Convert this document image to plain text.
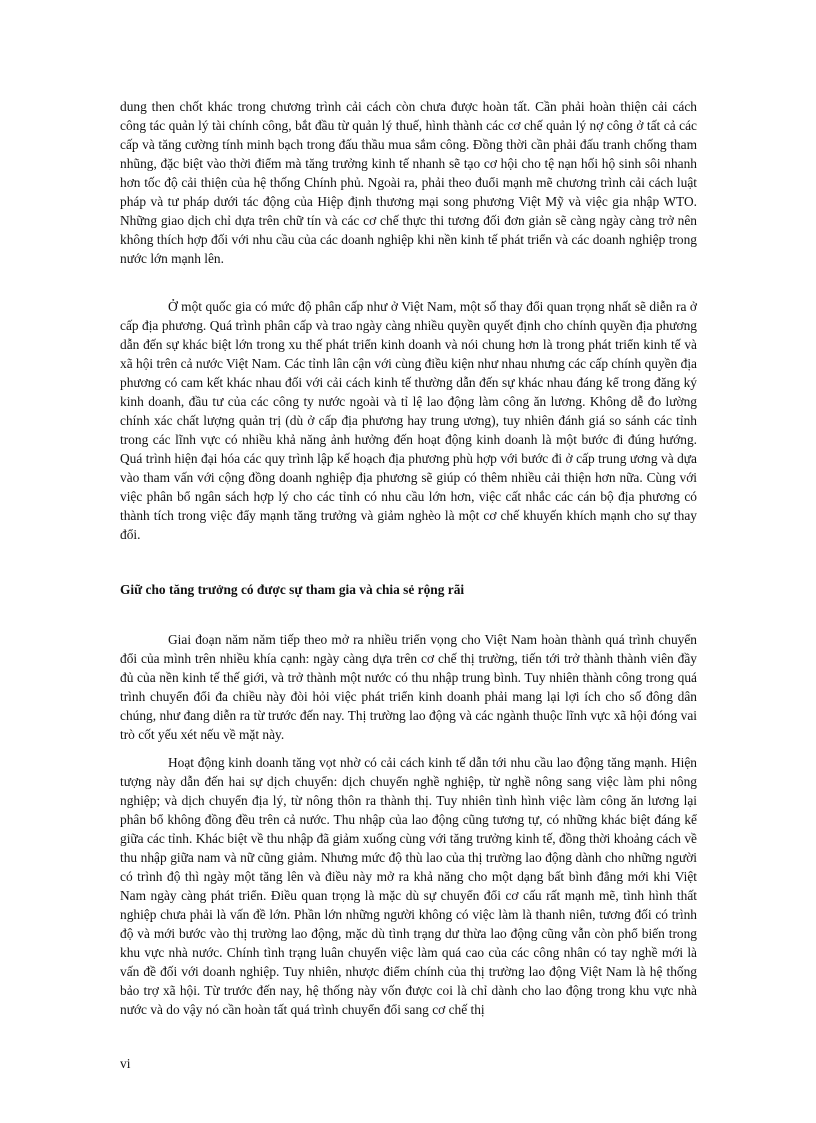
dung then chốt khác trong chương trình cải cách còn chưa được hoàn tất. Cần phải hoàn thiện cải cách công tác quản lý tài chính công, bắt đầu từ quản lý thuế, hình thành các cơ chế quản lý nợ công ở tất cả các cấp và tăng cường tính minh bạch trong đấu thầu mua sắm công. Đồng thời cần phải đấu tranh chống tham nhũng, đặc biệt vào thời điểm mà tăng trưởng kinh tế nhanh sẽ tạo cơ hội cho tệ nạn hối hộ sinh sôi nhanh hơn tốc độ cải thiện của hệ thống Chính phủ. Ngoài ra, phải theo đuổi mạnh mẽ chương trình cải cách luật pháp và tư pháp dưới tác động của Hiệp định thương mại song phương Việt Mỹ và việc gia nhập WTO. Những giao dịch chỉ dựa trên chữ tín và các cơ chế thực thi tương đối đơn giản sẽ càng ngày càng trở nên không thích hợp đối với nhu cầu của các doanh nghiệp khi nền kinh tế phát triển và các doanh nghiệp trong nước lớn mạnh lên.

Ở một quốc gia có mức độ phân cấp như ở Việt Nam, một số thay đổi quan trọng nhất sẽ diễn ra ở cấp địa phương. Quá trình phân cấp và trao ngày càng nhiều quyền quyết định cho chính quyền địa phương dẫn đến sự khác biệt lớn trong xu thế phát triển kinh doanh và nói chung hơn là trong phát triển kinh tế và xã hội trên cả nước Việt Nam. Các tỉnh lân cận với cùng điều kiện như nhau nhưng các cấp chính quyền địa phương có cam kết khác nhau đối với cải cách kinh tế thường dẫn đến sự khác nhau đáng kể trong đăng ký kinh doanh, đầu tư của các công ty nước ngoài và tỉ lệ lao động làm công ăn lương. Không dễ đo lường chính xác chất lượng quản trị (dù ở cấp địa phương hay trung ương), tuy nhiên đánh giá so sánh các tỉnh trong các lĩnh vực có nhiều khả năng ảnh hưởng đến hoạt động kinh doanh là một bước đi đúng hướng. Quá trình hiện đại hóa các quy trình lập kế hoạch địa phương phù hợp với bước đi ở cấp trung ương và dựa vào tham vấn với cộng đồng doanh nghiệp địa phương sẽ giúp có thêm nhiều cải thiện hơn nữa. Cùng với việc phân bổ ngân sách hợp lý cho các tỉnh có nhu cầu lớn hơn, việc cất nhắc các cán bộ địa phương có thành tích trong việc đẩy mạnh tăng trưởng và giảm nghèo là một cơ chế khuyến khích mạnh cho sự thay đổi.

Giữ cho tăng trưởng có được sự tham gia và chia sẻ rộng rãi

Giai đoạn năm năm tiếp theo mở ra nhiều triển vọng cho Việt Nam hoàn thành quá trình chuyển đổi của mình trên nhiều khía cạnh: ngày càng dựa trên cơ chế thị trường, tiến tới trở thành thành viên đầy đủ của nền kinh tế thế giới, và trở thành một nước có thu nhập trung bình. Tuy nhiên thành công trong quá trình chuyển đổi đa chiều này đòi hỏi việc phát triển kinh doanh phải mang lại lợi ích cho số đông dân chúng, như đang diễn ra từ trước đến nay. Thị trường lao động và các ngành thuộc lĩnh vực xã hội đóng vai trò cốt yếu xét nếu về mặt này.

Hoạt động kinh doanh tăng vọt nhờ có cải cách kinh tế dẫn tới nhu cầu lao động tăng mạnh. Hiện tượng này dẫn đến hai sự dịch chuyển: dịch chuyển nghề nghiệp, từ nghề nông sang việc làm phi nông nghiệp; và dịch chuyển địa lý, từ nông thôn ra thành thị. Tuy nhiên tình hình việc làm công ăn lương lại phân bổ không đồng đều trên cả nước. Thu nhập của lao động cũng tương tự, có những khác biệt đáng kể giữa các tỉnh. Khác biệt về thu nhập đã giảm xuống cùng với tăng trưởng kinh tế, đồng thời khoảng cách về thu nhập giữa nam và nữ cũng giảm. Nhưng mức độ thù lao của thị trường lao động dành cho những người có trình độ thì ngày một tăng lên và điều này mở ra khả năng cho một dạng bất bình đẳng mới khi Việt Nam ngày càng phát triển. Điều quan trọng là mặc dù sự chuyển đổi cơ cấu rất mạnh mẽ, tình hình thất nghiệp chưa phải là vấn đề lớn. Phần lớn những người không có việc làm là thanh niên, tương đối có trình độ và mới bước vào thị trường lao động, mặc dù tình trạng dư thừa lao động cũng vẫn còn phổ biến trong khu vực nhà nước. Chính tình trạng luân chuyển việc làm quá cao của các công nhân có tay nghề mới là vấn đề đối với doanh nghiệp. Tuy nhiên, nhược điểm chính của thị trường lao động Việt Nam là hệ thống bảo trợ xã hội. Từ trước đến nay, hệ thống này vốn được coi là chỉ dành cho lao động trong khu vực nhà nước và do vậy nó cần hoàn tất quá trình chuyển đổi sang cơ chế thị

vi
